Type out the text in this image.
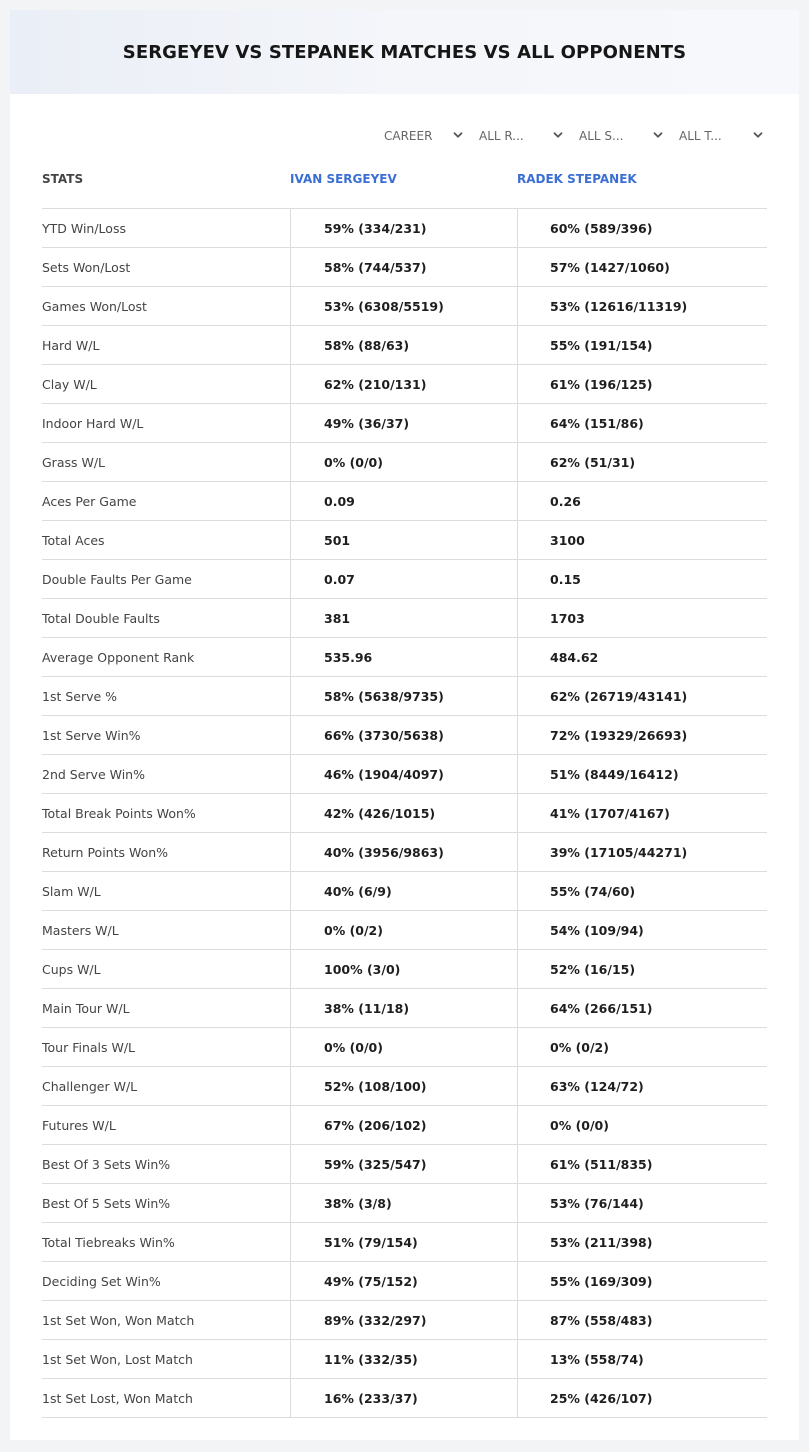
SERGEYEV VS STEPANEK MATCHES VS ALL OPPONENTS
CAREER	ALL R...	ALL S...	ALL T...
STATS	IVAN SERGEYEV	RADEK STEPANEK
YTD Win/Loss	59% (334/231)	60% (589/396)
Sets Won/Lost	58% (744/537)	57% (1427/1060)
Games Won/Lost	53% (6308/5519)	53% (12616/11319)
Hard W/L	58% (88/63)	55% (191/154)
Clay W/L	62% (210/131)	61% (196/125)
Indoor Hard W/L	49% (36/37)	64% (151/86)
Grass W/L	0% (0/0)	62% (51/31)
Aces Per Game	0.09	0.26
Total Aces	501	3100
Double Faults Per Game	0.07	0.15
Total Double Faults	381	1703
Average Opponent Rank	535.96	484.62
1st Serve %	58% (5638/9735)	62% (26719/43141)
1st Serve Win%	66% (3730/5638)	72% (19329/26693)
2nd Serve Win%	46% (1904/4097)	51% (8449/16412)
Total Break Points Won%	42% (426/1015)	41% (1707/4167)
Return Points Won%	40% (3956/9863)	39% (17105/44271)
Slam W/L	40% (6/9)	55% (74/60)
Masters W/L	0% (0/2)	54% (109/94)
Cups W/L	100% (3/0)	52% (16/15)
Main Tour W/L	38% (11/18)	64% (266/151)
Tour Finals W/L	0% (0/0)	0% (0/2)
Challenger W/L	52% (108/100)	63% (124/72)
Futures W/L	67% (206/102)	0% (0/0)
Best Of 3 Sets Win%	59% (325/547)	61% (511/835)
Best Of 5 Sets Win%	38% (3/8)	53% (76/144)
Total Tiebreaks Win%	51% (79/154)	53% (211/398)
Deciding Set Win%	49% (75/152)	55% (169/309)
1st Set Won, Won Match	89% (332/297)	87% (558/483)
1st Set Won, Lost Match	11% (332/35)	13% (558/74)
1st Set Lost, Won Match	16% (233/37)	25% (426/107)
